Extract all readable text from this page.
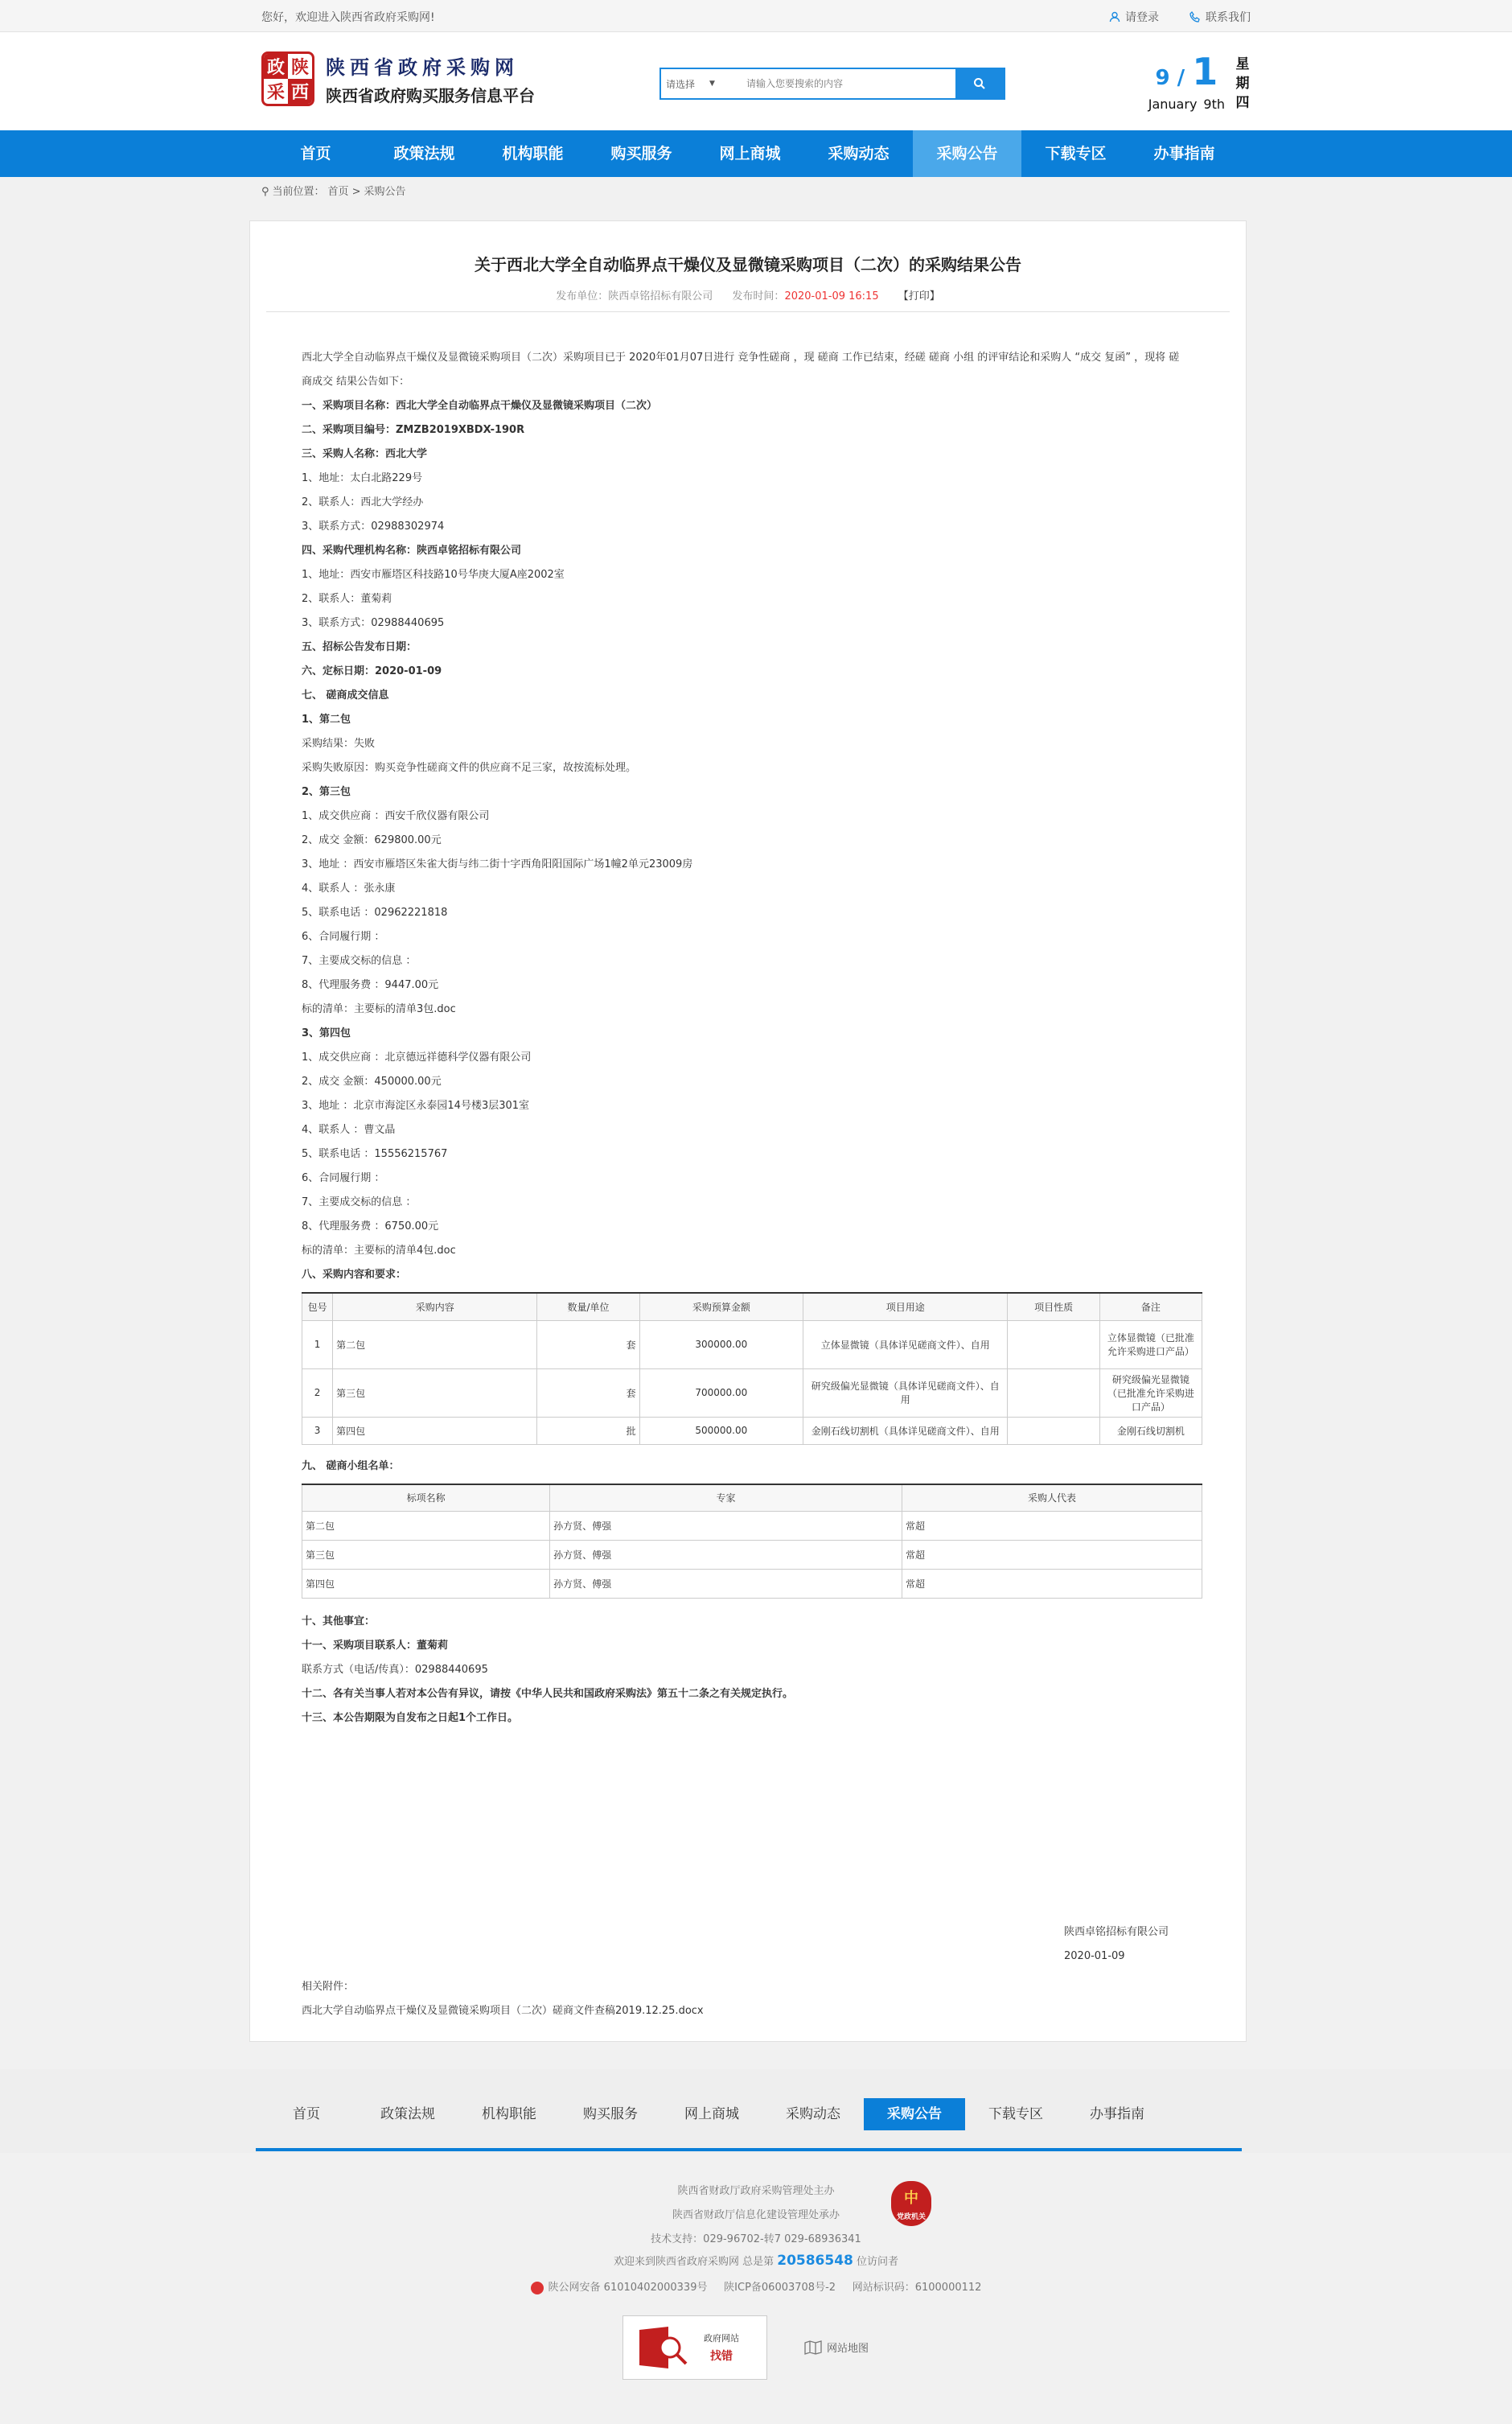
您好，欢迎进入陕西省政府采购网!	请登录	联系我们
政 陕
采 西
陕西省政府采购网
陕西省政府购买服务信息平台
请选择 ▼
请输入您要搜索的内容	9 / 1
January 9th
星
期
四
首页	政策法规	机构职能	购买服务	网上商城	采购动态	采购公告	下载专区	办事指南
⚲ 当前位置： 首页 > 采购公告
关于西北大学全自动临界点干燥仪及显微镜采购项目（二次）的采购结果公告
发布单位：陕西卓铭招标有限公司 发布时间：2020-01-09 16:15 【打印】

西北大学全自动临界点干燥仪及显微镜采购项目（二次）采购项目已于 2020年01月07日进行 竞争性磋商 ，现 磋商 工作已结束，经磋 磋商 小组 的评审结论和采购人 “成交 复函” ，现将 磋商成交 结果公告如下：

一、采购项目名称：西北大学全自动临界点干燥仪及显微镜采购项目（二次）

二、采购项目编号：ZMZB2019XBDX-190R

三、采购人名称：西北大学

1、地址：太白北路229号

2、联系人：西北大学经办

3、联系方式：02988302974

四、采购代理机构名称：陕西卓铭招标有限公司

1、地址：西安市雁塔区科技路10号华庚大厦A座2002室

2、联系人：董菊莉

3、联系方式：02988440695

五、招标公告发布日期：

六、定标日期：2020-01-09

七、 磋商成交信息

1、第二包

采购结果：失败

采购失败原因：购买竞争性磋商文件的供应商不足三家，故按流标处理。

2、第三包

1、成交供应商 ：西安千欣仪器有限公司

2、成交 金额：629800.00元

3、地址 ：西安市雁塔区朱雀大街与纬二街十字西角阳阳国际广场1幢2单元23009房

4、联系人 ：张永康

5、联系电话 ：02962221818

6、合同履行期 ：

7、主要成交标的信息 ：

8、代理服务费 ：9447.00元

标的清单：主要标的清单3包.doc

3、第四包

1、成交供应商 ：北京德远祥德科学仪器有限公司

2、成交 金额：450000.00元

3、地址 ：北京市海淀区永泰园14号楼3层301室

4、联系人 ：曹文晶

5、联系电话 ：15556215767

6、合同履行期 ：

7、主要成交标的信息 ：

8、代理服务费 ：6750.00元

标的清单：主要标的清单4包.doc

八、采购内容和要求：

包号	采购内容	数量/单位	采购预算金额	项目用途	项目性质	备注
1	第二包	套	300000.00	立体显微镜（具体详见磋商文件）、自用		立体显微镜（已批准允许采购进口产品）
2	第三包	套	700000.00	研究级偏光显微镜（具体详见磋商文件）、自用		研究级偏光显微镜（已批准允许采购进口产品）
3	第四包	批	500000.00	金刚石线切割机（具体详见磋商文件）、自用		金刚石线切割机

九、 磋商小组名单：

标项名称	专家	采购人代表
第二包	孙方贤、傅强	常超
第三包	孙方贤、傅强	常超
第四包	孙方贤、傅强	常超

十、其他事宜：

十一、采购项目联系人：董菊莉

联系方式（电话/传真）：02988440695

十二、各有关当事人若对本公告有异议，请按《中华人民共和国政府采购法》第五十二条之有关规定执行。

十三、本公告期限为自发布之日起1个工作日。

陕西卓铭招标有限公司
2020-01-09
相关附件：
西北大学自动临界点干燥仪及显微镜采购项目（二次）磋商文件查稿2019.12.25.docx
首页	政策法规	机构职能	购买服务	网上商城	采购动态	采购公告	下载专区	办事指南

陕西省财政厅政府采购管理处主办

陕西省财政厅信息化建设管理处承办

技术支持：029-96702-转7 029-68936341

欢迎来到陕西省政府采购网 总是第 20586548 位访问者

陕公网安备 61010402000339号 陕ICP备06003708号-2 网站标识码：6100000112

中
党政机关
政府网站
找错
网站地图
